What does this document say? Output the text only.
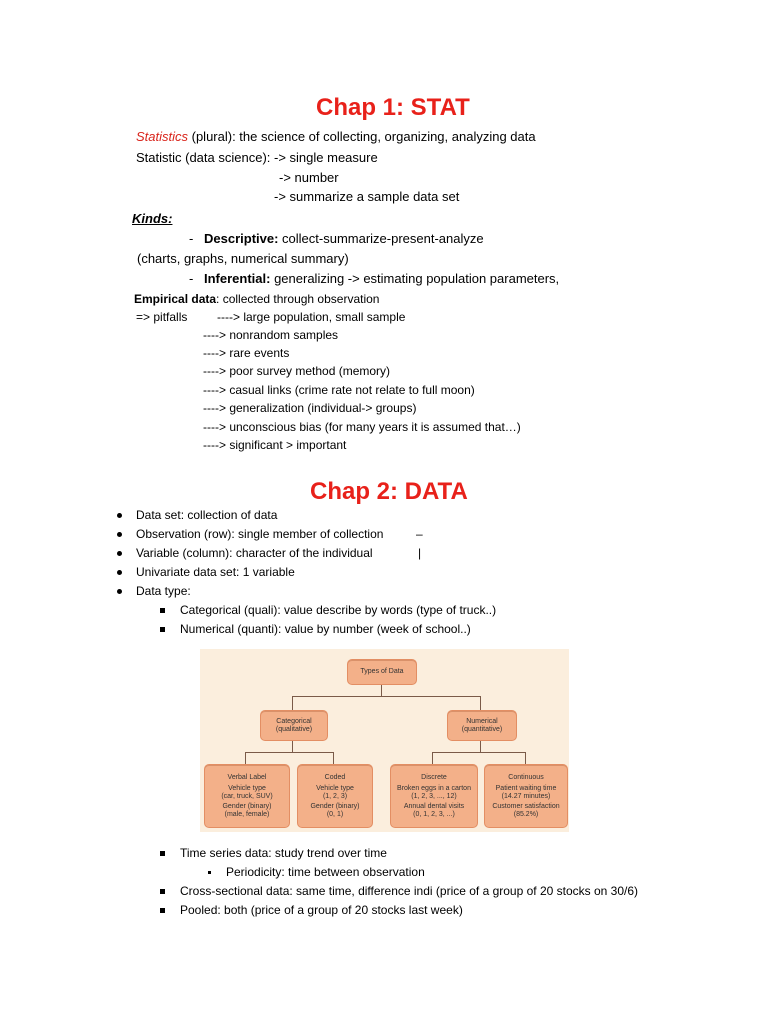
Chap 1: STAT
Statistics (plural): the science of collecting, organizing, analyzing data
Statistic (data science): -> single measure
-> number
-> summarize a sample data set
Kinds:
- Descriptive: collect-summarize-present-analyze
(charts, graphs, numerical summary)
- Inferential: generalizing -> estimating population parameters,
Empirical data: collected through observation
=> pitfalls ----> large population, small sample
----> nonrandom samples
----> rare events
----> poor survey method (memory)
----> casual links (crime rate not relate to full moon)
----> generalization (individual-> groups)
----> unconscious bias (for many years it is assumed that…)
----> significant > important
Chap 2: DATA
Data set: collection of data
Observation (row): single member of collection	–
Variable (column): character of the individual	|
Univariate data set: 1 variable
Data type:
Categorical (quali): value describe by words (type of truck..)
Numerical (quanti): value by number (week of school..)
Types of Data
Categorical
(qualitative)
Numerical
(quantitative)
Verbal Label
Vehicle type
(car, truck, SUV)
Gender (binary)
(male, female)
Coded
Vehicle type
(1, 2, 3)
Gender (binary)
(0, 1)
Discrete
Broken eggs in a carton
(1, 2, 3, ..., 12)
Annual dental visits
(0, 1, 2, 3, ...)
Continuous
Patient waiting time
(14.27 minutes)
Customer satisfaction
(85.2%)
Time series data: study trend over time
Periodicity: time between observation
Cross-sectional data: same time, difference indi (price of a group of 20 stocks on 30/6)
Pooled: both (price of a group of 20 stocks last week)
